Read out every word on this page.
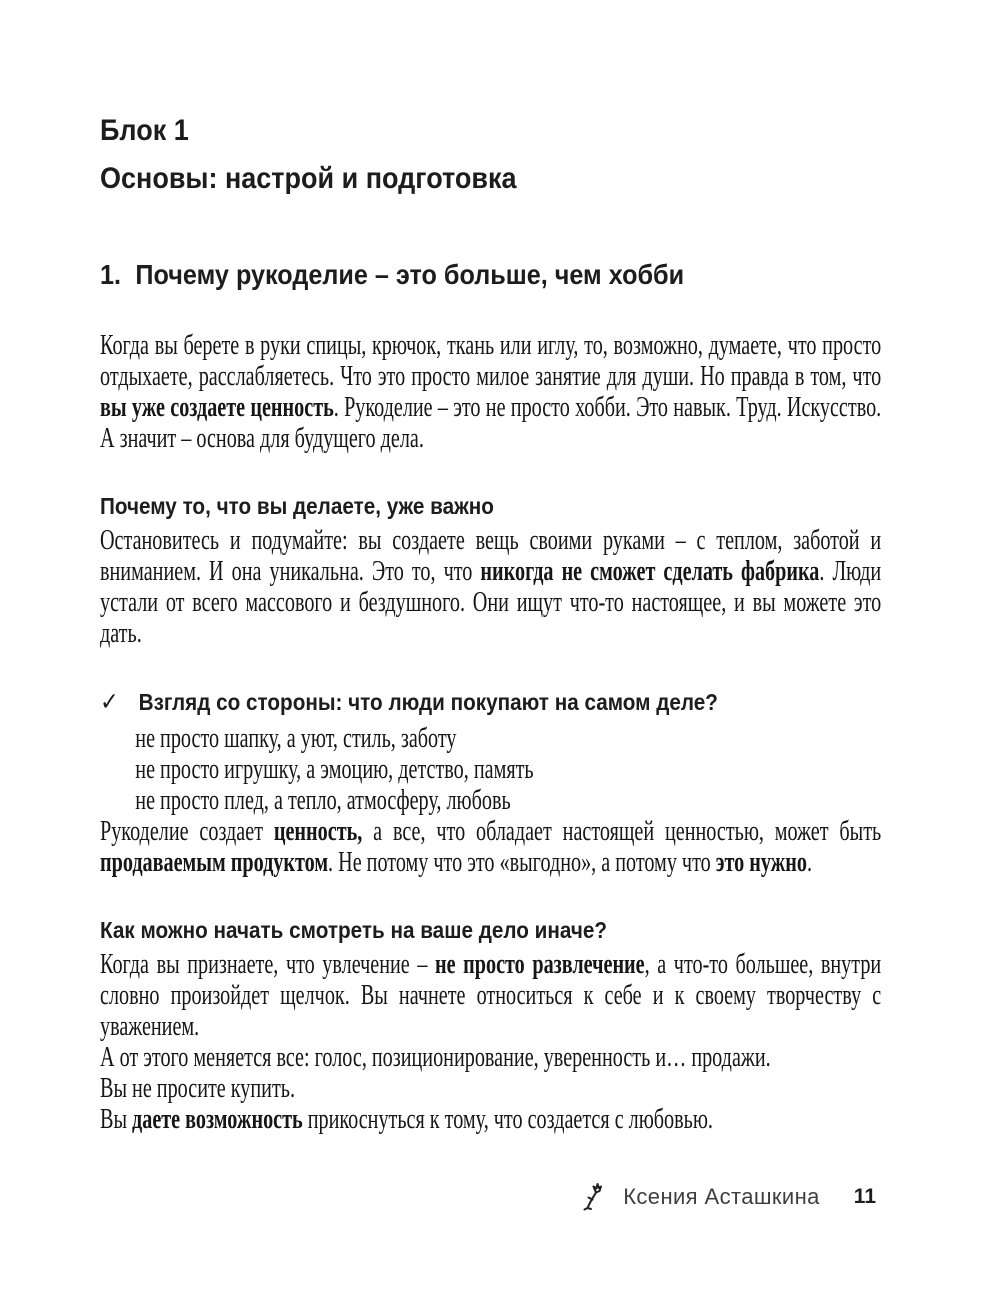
Блок 1
Основы: настрой и подготовка
1. Почему рукоделие – это больше, чем хобби
Когда вы берете в руки спицы, крючок, ткань или иглу, то, возможно, думаете, что просто отдыхаете, расслабляетесь. Что это просто милое занятие для души. Но правда в том, что вы уже создаете ценность. Рукоделие – это не просто хобби. Это навык. Труд. Искусство. А значит – основа для будущего дела.
Почему то, что вы делаете, уже важно
Остановитесь и подумайте: вы создаете вещь своими руками – с теплом, заботой и вниманием. И она уникальна. Это то, что никогда не сможет сделать фабрика. Люди устали от всего массового и бездушного. Они ищут что-то настоящее, и вы можете это дать.
✓ Взгляд со стороны: что люди покупают на самом деле?
не просто шапку, а уют, стиль, заботу
не просто игрушку, а эмоцию, детство, память
не просто плед, а тепло, атмосферу, любовь
Рукоделие создает ценность, а все, что обладает настоящей ценностью, может быть продаваемым продуктом. Не потому что это «выгодно», а потому что это нужно.
Как можно начать смотреть на ваше дело иначе?
Когда вы признаете, что увлечение – не просто развлечение, а что-то большее, внутри словно произойдет щелчок. Вы начнете относиться к себе и к своему творчеству с уважением.
А от этого меняется все: голос, позиционирование, уверенность и… продажи.
Вы не просите купить.
Вы даете возможность прикоснуться к тому, что создается с любовью.
Ксения Асташкина 11
